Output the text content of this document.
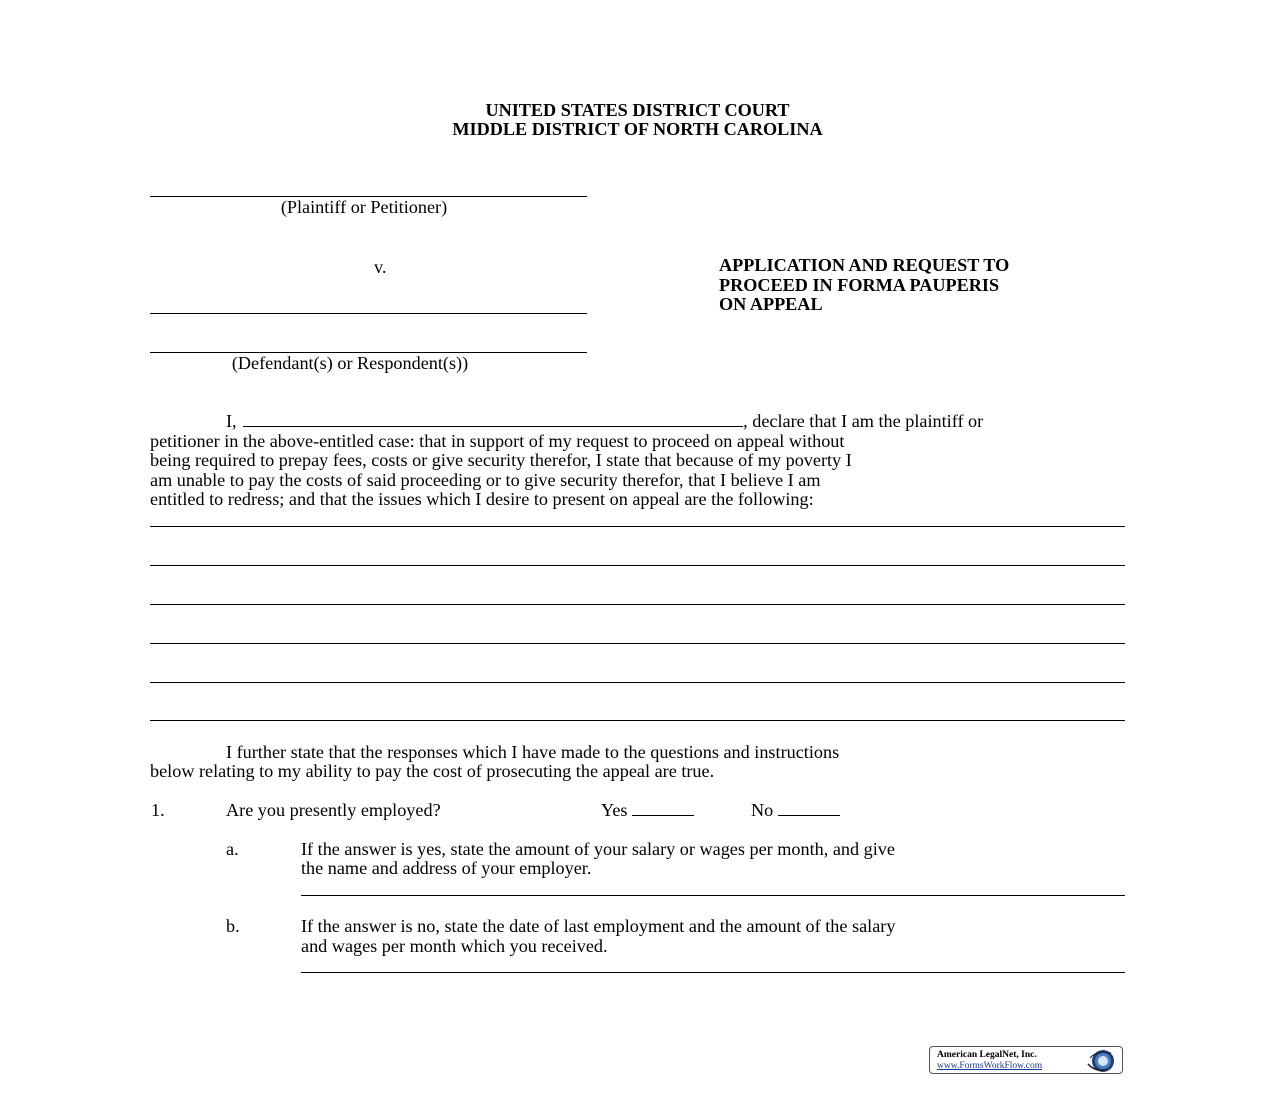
UNITED STATES DISTRICT COURT
MIDDLE DISTRICT OF NORTH CAROLINA
(Plaintiff or Petitioner)
v.
(Defendant(s) or Respondent(s))
APPLICATION AND REQUEST TO
PROCEED IN FORMA PAUPERIS
ON APPEAL
I,	, declare that I am the plaintiff or
petitioner in the above-entitled case: that in support of my request to proceed on appeal without
being required to prepay fees, costs or give security therefor, I state that because of my poverty I
am unable to pay the costs of said proceeding or to give security therefor, that I believe I am
entitled to redress; and that the issues which I desire to present on appeal are the following:
I further state that the responses which I have made to the questions and instructions
below relating to my ability to pay the cost of prosecuting the appeal are true.
1.	Are you presently employed?	Yes	No
a.	If the answer is yes, state the amount of your salary or wages per month, and give
the name and address of your employer.
b.	If the answer is no, state the date of last employment and the amount of the salary
and wages per month which you received.
American LegalNet, Inc.
www.FormsWorkFlow.com
